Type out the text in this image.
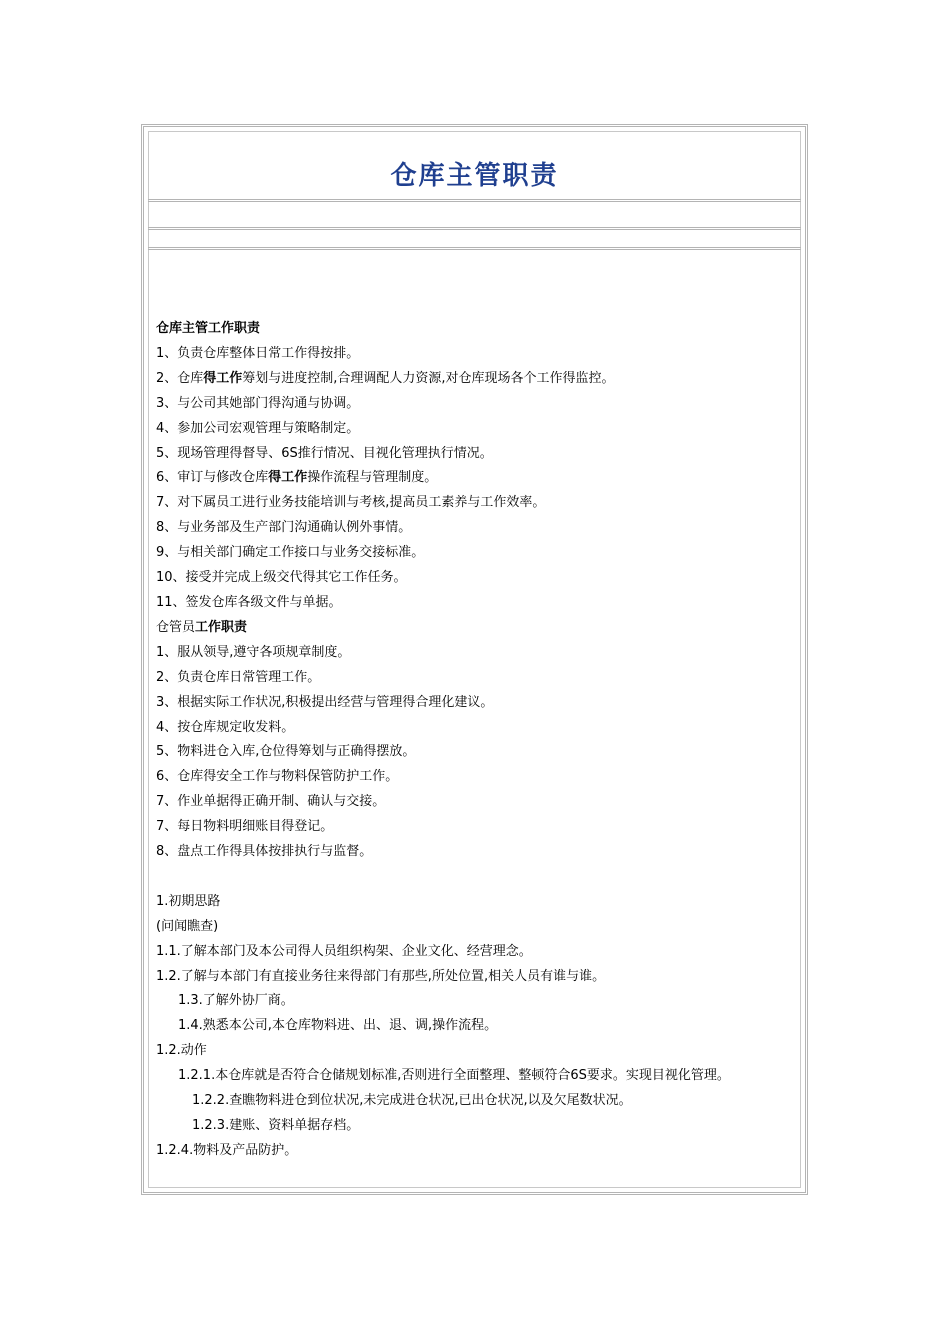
仓库主管职责
仓库主管工作职责
1、负责仓库整体日常工作得按排。
2、仓库得工作筹划与进度控制,合理调配人力资源,对仓库现场各个工作得监控。
3、与公司其她部门得沟通与协调。
4、参加公司宏观管理与策略制定。
5、现场管理得督导、6S推行情况、目视化管理执行情况。
6、审订与修改仓库得工作操作流程与管理制度。
7、对下属员工进行业务技能培训与考核,提高员工素养与工作效率。
8、与业务部及生产部门沟通确认例外事情。
9、与相关部门确定工作接口与业务交接标准。
10、接受并完成上级交代得其它工作任务。
11、签发仓库各级文件与单据。
仓管员工作职责
1、服从领导,遵守各项规章制度。
2、负责仓库日常管理工作。
3、根据实际工作状况,积极提出经营与管理得合理化建议。
4、按仓库规定收发料。
5、物料进仓入库,仓位得筹划与正确得摆放。
6、仓库得安全工作与物料保管防护工作。
7、作业单据得正确开制、确认与交接。
7、每日物料明细账目得登记。
8、盘点工作得具体按排执行与监督。
1.初期思路
(问闻瞧查)
1.1.了解本部门及本公司得人员组织构架、企业文化、经营理念。
1.2.了解与本部门有直接业务往来得部门有那些,所处位置,相关人员有谁与谁。
1.3.了解外协厂商。
1.4.熟悉本公司,本仓库物料进、出、退、调,操作流程。
1.2.动作
1.2.1.本仓库就是否符合仓储规划标准,否则进行全面整理、整顿符合6S要求。实现目视化管理。
1.2.2.查瞧物料进仓到位状况,未完成进仓状况,已出仓状况,以及欠尾数状况。
1.2.3.建账、资料单据存档。
1.2.4.物料及产品防护。
